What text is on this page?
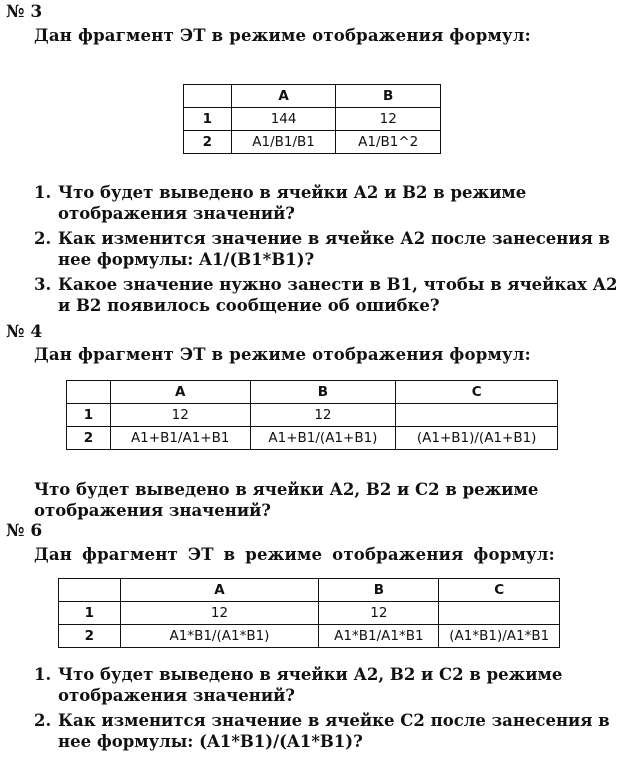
№ 3
Дан фрагмент ЭТ в режиме отображения формул:
	A	B
1	144	12
2	A1/B1/B1	A1/B1^2
1. Что будет выведено в ячейки А2 и В2 в режиме отображения значений?
2. Как изменится значение в ячейке А2 после занесения в нее формулы: A1/(B1*B1)?
3. Какое значение нужно занести в В1, чтобы в ячейках А2 и В2 появилось сообщение об ошибке?
№ 4
Дан фрагмент ЭТ в режиме отображения формул:
	A	B	C
1	12	12	
2	A1+B1/A1+B1	A1+B1/(A1+B1)	(A1+B1)/(A1+B1)
Что будет выведено в ячейки А2, В2 и С2 в режиме отображения значений?
№ 6
Дан фрагмент ЭТ в режиме отображения формул:
	A	B	C
1	12	12	
2	A1*B1/(A1*B1)	A1*B1/A1*B1	(A1*B1)/A1*B1
1. Что будет выведено в ячейки А2, В2 и С2 в режиме отображения значений?
2. Как изменится значение в ячейке С2 после занесения в нее формулы: (A1*B1)/(A1*B1)?
